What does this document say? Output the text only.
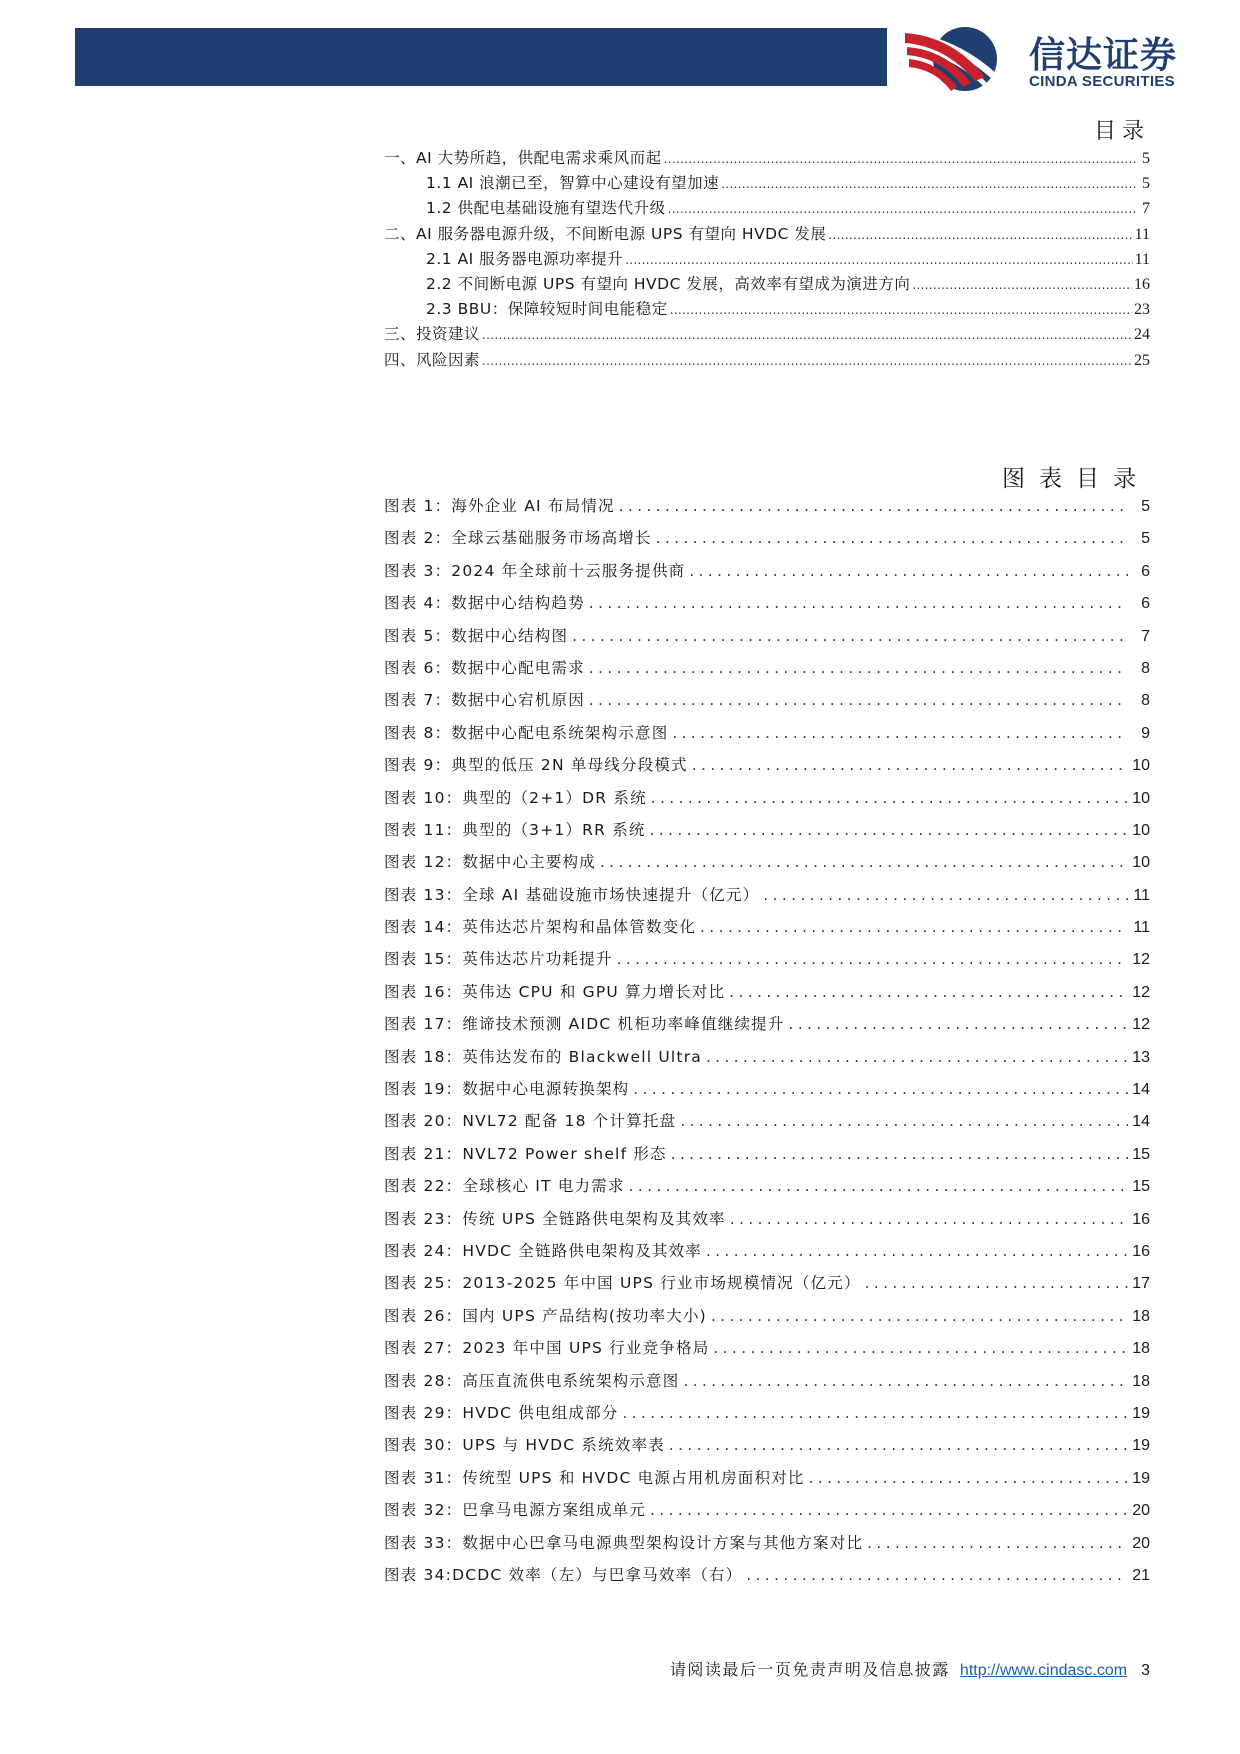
信达证券
CINDA SECURITIES
目录
一、AI 大势所趋，供配电需求乘风而起 .....	5
1.1 AI 浪潮已至，智算中心建设有望加速 .....	5
1.2 供配电基础设施有望迭代升级 .....	7
二、AI 服务器电源升级，不间断电源 UPS 有望向 HVDC 发展 .....	11
2.1 AI 服务器电源功率提升 .....	11
2.2 不间断电源 UPS 有望向 HVDC 发展，高效率有望成为演进方向 .....	16
2.3 BBU：保障较短时间电能稳定 .....	23
三、投资建议 .....	24
四、风险因素 .....	25
图表目录
图表 1：海外企业 AI 布局情况 .....	5
图表 2：全球云基础服务市场高增长 .....	5
图表 3：2024 年全球前十云服务提供商 .....	6
图表 4：数据中心结构趋势 .....	6
图表 5：数据中心结构图 .....	7
图表 6：数据中心配电需求 .....	8
图表 7：数据中心宕机原因 .....	8
图表 8：数据中心配电系统架构示意图 .....	9
图表 9：典型的低压 2N 单母线分段模式 .....	10
图表 10：典型的（2+1）DR 系统 .....	10
图表 11：典型的（3+1）RR 系统 .....	10
图表 12：数据中心主要构成 .....	10
图表 13：全球 AI 基础设施市场快速提升（亿元） .....	11
图表 14：英伟达芯片架构和晶体管数变化 .....	11
图表 15：英伟达芯片功耗提升 .....	12
图表 16：英伟达 CPU 和 GPU 算力增长对比 .....	12
图表 17：维谛技术预测 AIDC 机柜功率峰值继续提升 .....	12
图表 18：英伟达发布的 Blackwell Ultra .....	13
图表 19：数据中心电源转换架构 .....	14
图表 20：NVL72 配备 18 个计算托盘 .....	14
图表 21：NVL72 Power shelf 形态 .....	15
图表 22：全球核心 IT 电力需求 .....	15
图表 23：传统 UPS 全链路供电架构及其效率 .....	16
图表 24：HVDC 全链路供电架构及其效率 .....	16
图表 25：2013-2025 年中国 UPS 行业市场规模情况（亿元） .....	17
图表 26：国内 UPS 产品结构(按功率大小) .....	18
图表 27：2023 年中国 UPS 行业竞争格局 .....	18
图表 28：高压直流供电系统架构示意图 .....	18
图表 29：HVDC 供电组成部分 .....	19
图表 30：UPS 与 HVDC 系统效率表 .....	19
图表 31：传统型 UPS 和 HVDC 电源占用机房面积对比 .....	19
图表 32：巴拿马电源方案组成单元 .....	20
图表 33：数据中心巴拿马电源典型架构设计方案与其他方案对比 .....	20
图表 34:DCDC 效率（左）与巴拿马效率（右） .....	21
请阅读最后一页免责声明及信息披露 http://www.cindasc.com 3
